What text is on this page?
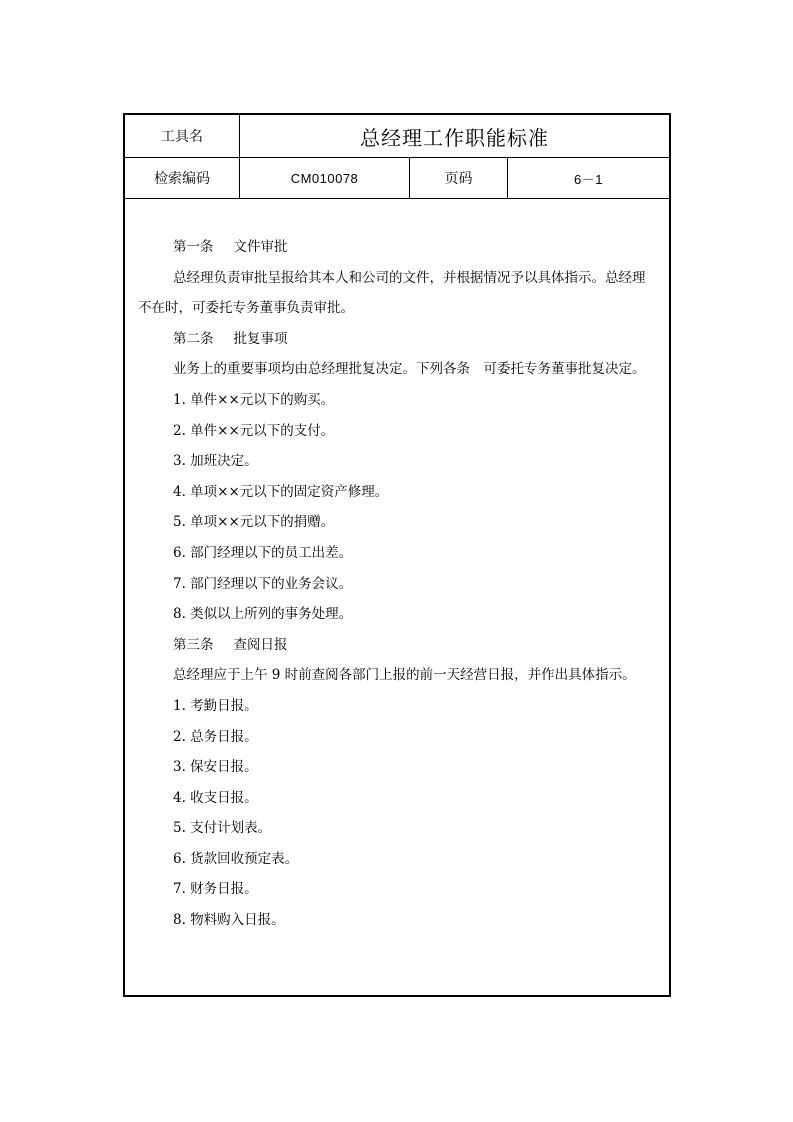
工具名	总经理工作职能标准
检索编码	CM010078	页码	6－1

第一条 文件审批

总经理负责审批呈报给其本人和公司的文件，并根据情况予以具体指示。总经理不在时，可委托专务董事负责审批。

第二条 批复事项

业务上的重要事项均由总经理批复决定。下列各条　可委托专务董事批复决定。

1. 单件××元以下的购买。

2. 单件××元以下的支付。

3. 加班决定。

4. 单项××元以下的固定资产修理。

5. 单项××元以下的捐赠。

6. 部门经理以下的员工出差。

7. 部门经理以下的业务会议。

8. 类似以上所列的事务处理。

第三条 查阅日报

总经理应于上午 9 时前查阅各部门上报的前一天经营日报，并作出具体指示。

1. 考勤日报。

2. 总务日报。

3. 保安日报。

4. 收支日报。

5. 支付计划表。

6. 货款回收预定表。

7. 财务日报。

8. 物料购入日报。
